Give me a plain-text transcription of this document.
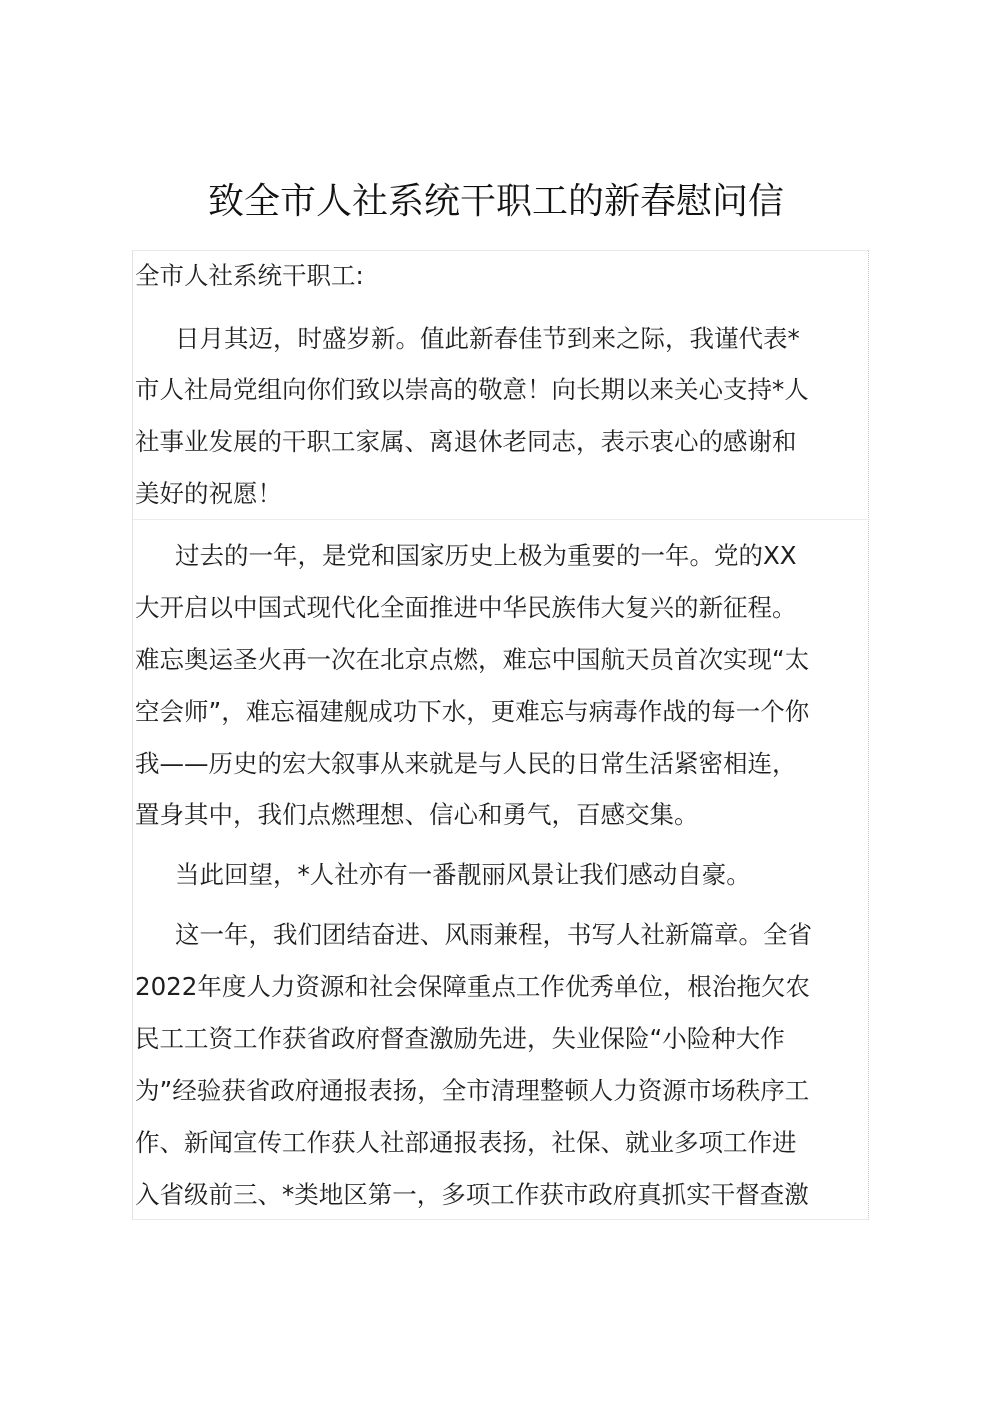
致全市人社系统干职工的新春慰问信
全市人社系统干职工:
日月其迈，时盛岁新。值此新春佳节到来之际，我谨代表*
市人社局党组向你们致以崇高的敬意！向长期以来关心支持*人
社事业发展的干职工家属、离退休老同志，表示衷心的感谢和
美好的祝愿！
过去的一年，是党和国家历史上极为重要的一年。党的XX
大开启以中国式现代化全面推进中华民族伟大复兴的新征程。
难忘奥运圣火再一次在北京点燃，难忘中国航天员首次实现“太
空会师”，难忘福建舰成功下水，更难忘与病毒作战的每一个你
我——历史的宏大叙事从来就是与人民的日常生活紧密相连，
置身其中，我们点燃理想、信心和勇气，百感交集。
当此回望，*人社亦有一番靓丽风景让我们感动自豪。
这一年，我们团结奋进、风雨兼程，书写人社新篇章。全省
2022年度人力资源和社会保障重点工作优秀单位，根治拖欠农
民工工资工作获省政府督查激励先进，失业保险“小险种大作
为”经验获省政府通报表扬，全市清理整顿人力资源市场秩序工
作、新闻宣传工作获人社部通报表扬，社保、就业多项工作进
入省级前三、*类地区第一，多项工作获市政府真抓实干督查激
